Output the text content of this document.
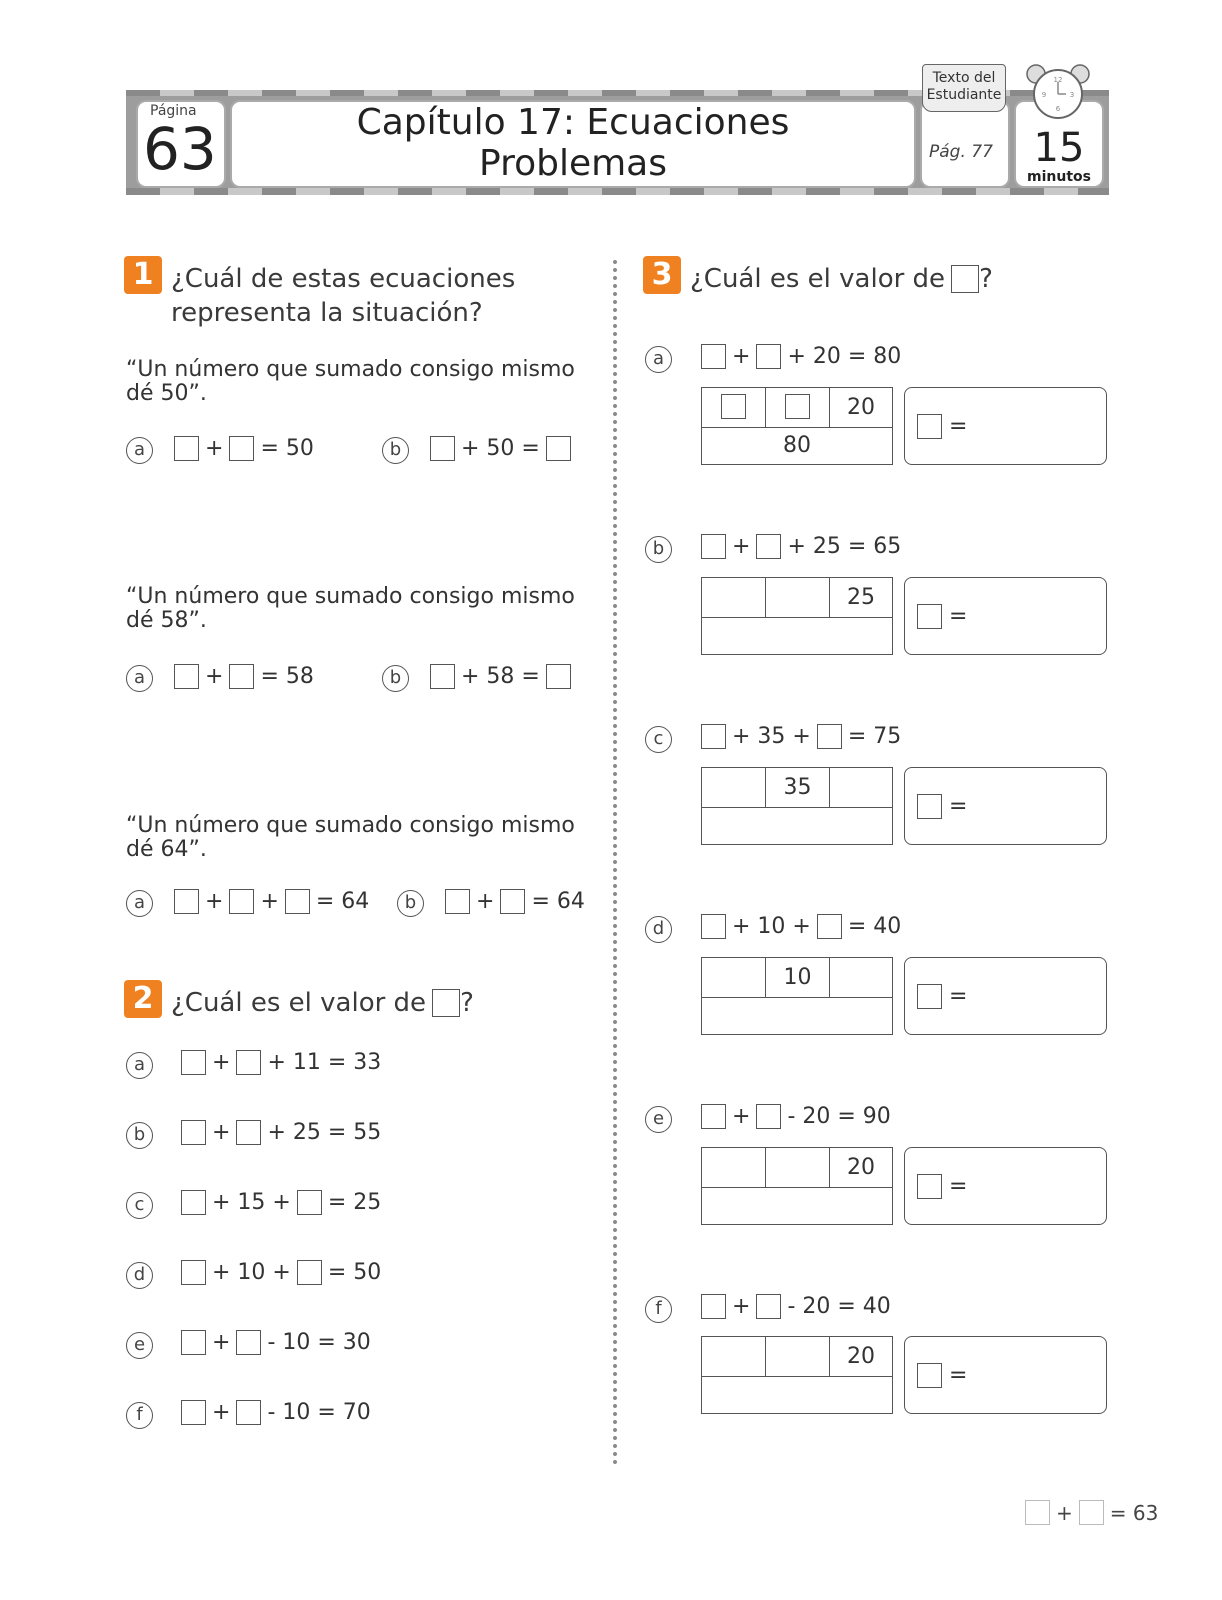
Página
63	Capítulo 17: Ecuaciones
Problemas	Pág. 77
Texto del
Estudiante
15
minutos
12
3
6
9
1 ¿Cuál de estas ecuaciones
representa la situación?
“Un número que sumado consigo mismo
dé 50”.
a	+ = 50	b	+ 50 =
“Un número que sumado consigo mismo
dé 58”.
a	+ = 58	b	+ 58 =
“Un número que sumado consigo mismo
dé 64”.
a	+ + = 64	b	+ = 64
2 ¿Cuál es el valor de ?
a	+ + 11 = 33
b	+ + 25 = 55
c	+ 15 + = 25
d	+ 10 + = 50
e	+ - 10 = 30
f	+ - 10 = 70
3 ¿Cuál es el valor de ?
a	+ + 20 = 80
20
80
=
b	+ + 25 = 65
25
=
c	+ 35 + = 75
35
=
d	+ 10 + = 40
10
=
e	+ - 20 = 90
20
=
f	+ - 20 = 40
20
=
+ = 63
